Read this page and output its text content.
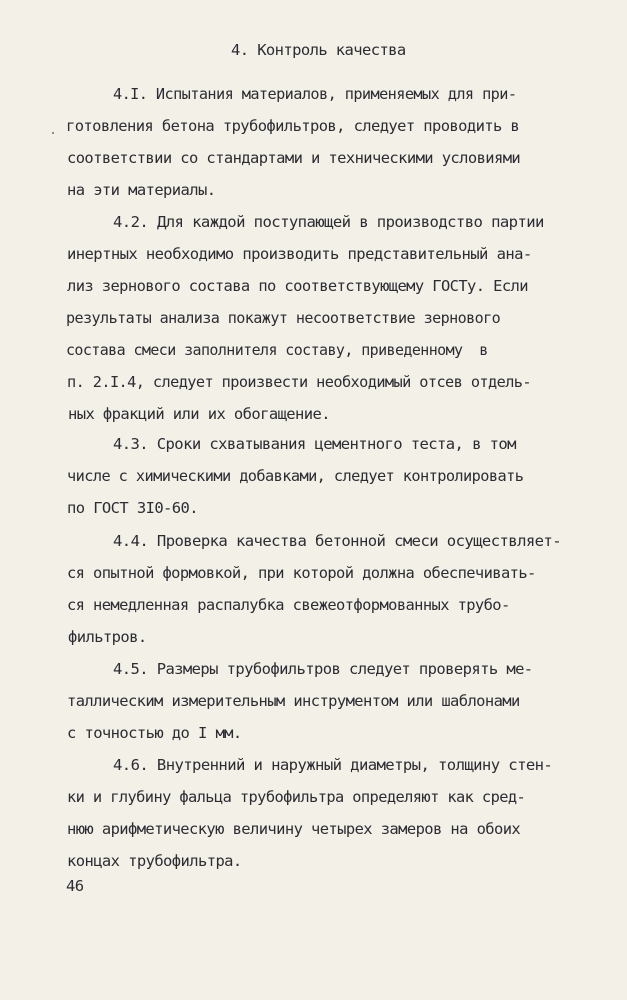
4. Контроль качества
4.I. Испытания материалов, применяемых для при-
готовления бетона трубофильтров, следует проводить в
соответствии со стандартами и техническими условиями
на эти материалы.
4.2. Для каждой поступающей в производство партии
инертных необходимо производить представительный ана-
лиз зернового состава по соответствующему ГОСТу. Если
результаты анализа покажут несоответствие зернового
состава смеси заполнителя составу, приведенному  в
п. 2.I.4, следует произвести необходимый отсев отдель-
ных фракций или их обогащение.
4.3. Сроки схватывания цементного теста, в том
числе с химическими добавками, следует контролировать
по ГОСТ 3I0-60.
4.4. Проверка качества бетонной смеси осуществляет-
ся опытной формовкой, при которой должна обеспечивать-
ся немедленная распалубка свежеотформованных трубо-
фильтров.
4.5. Размеры трубофильтров следует проверять ме-
таллическим измерительным инструментом или шаблонами
с точностью до I мм.
4.6. Внутренний и наружный диаметры, толщину стен-
ки и глубину фальца трубофильтра определяют как сред-
нюю арифметическую величину четырех замеров на обоих
концах трубофильтра.
46
